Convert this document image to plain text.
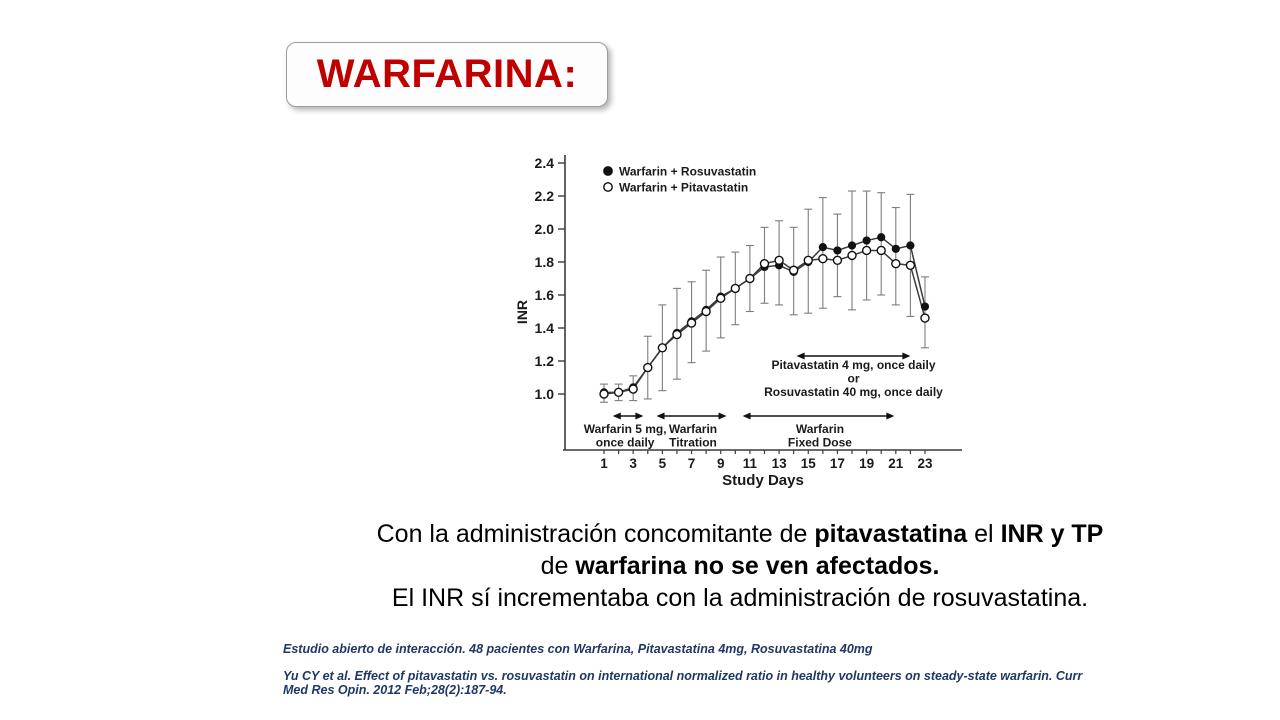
WARFARINA:
1.0
1.2
1.4
1.6
1.8
2.0
2.2
2.4
1 3 5 7 9 11 13 15 17 19 21 23
Study Days
INR
Warfarin + Rosuvastatin
Warfarin + Pitavastatin
Warfarin 5 mg,
once daily
Warfarin
Titration
Warfarin
Fixed Dose
Pitavastatin 4 mg, once daily
or
Rosuvastatin 40 mg, once daily
Con la administración concomitante de pitavastatina el INR y TP
de warfarina no se ven afectados.
El INR sí incrementaba con la administración de rosuvastatina.
Estudio abierto de interacción. 48 pacientes con Warfarina, Pitavastatina 4mg, Rosuvastatina 40mg
Yu CY et al. Effect of pitavastatin vs. rosuvastatin on international normalized ratio in healthy volunteers on steady-state warfarin. Curr
Med Res Opin. 2012 Feb;28(2):187-94.
